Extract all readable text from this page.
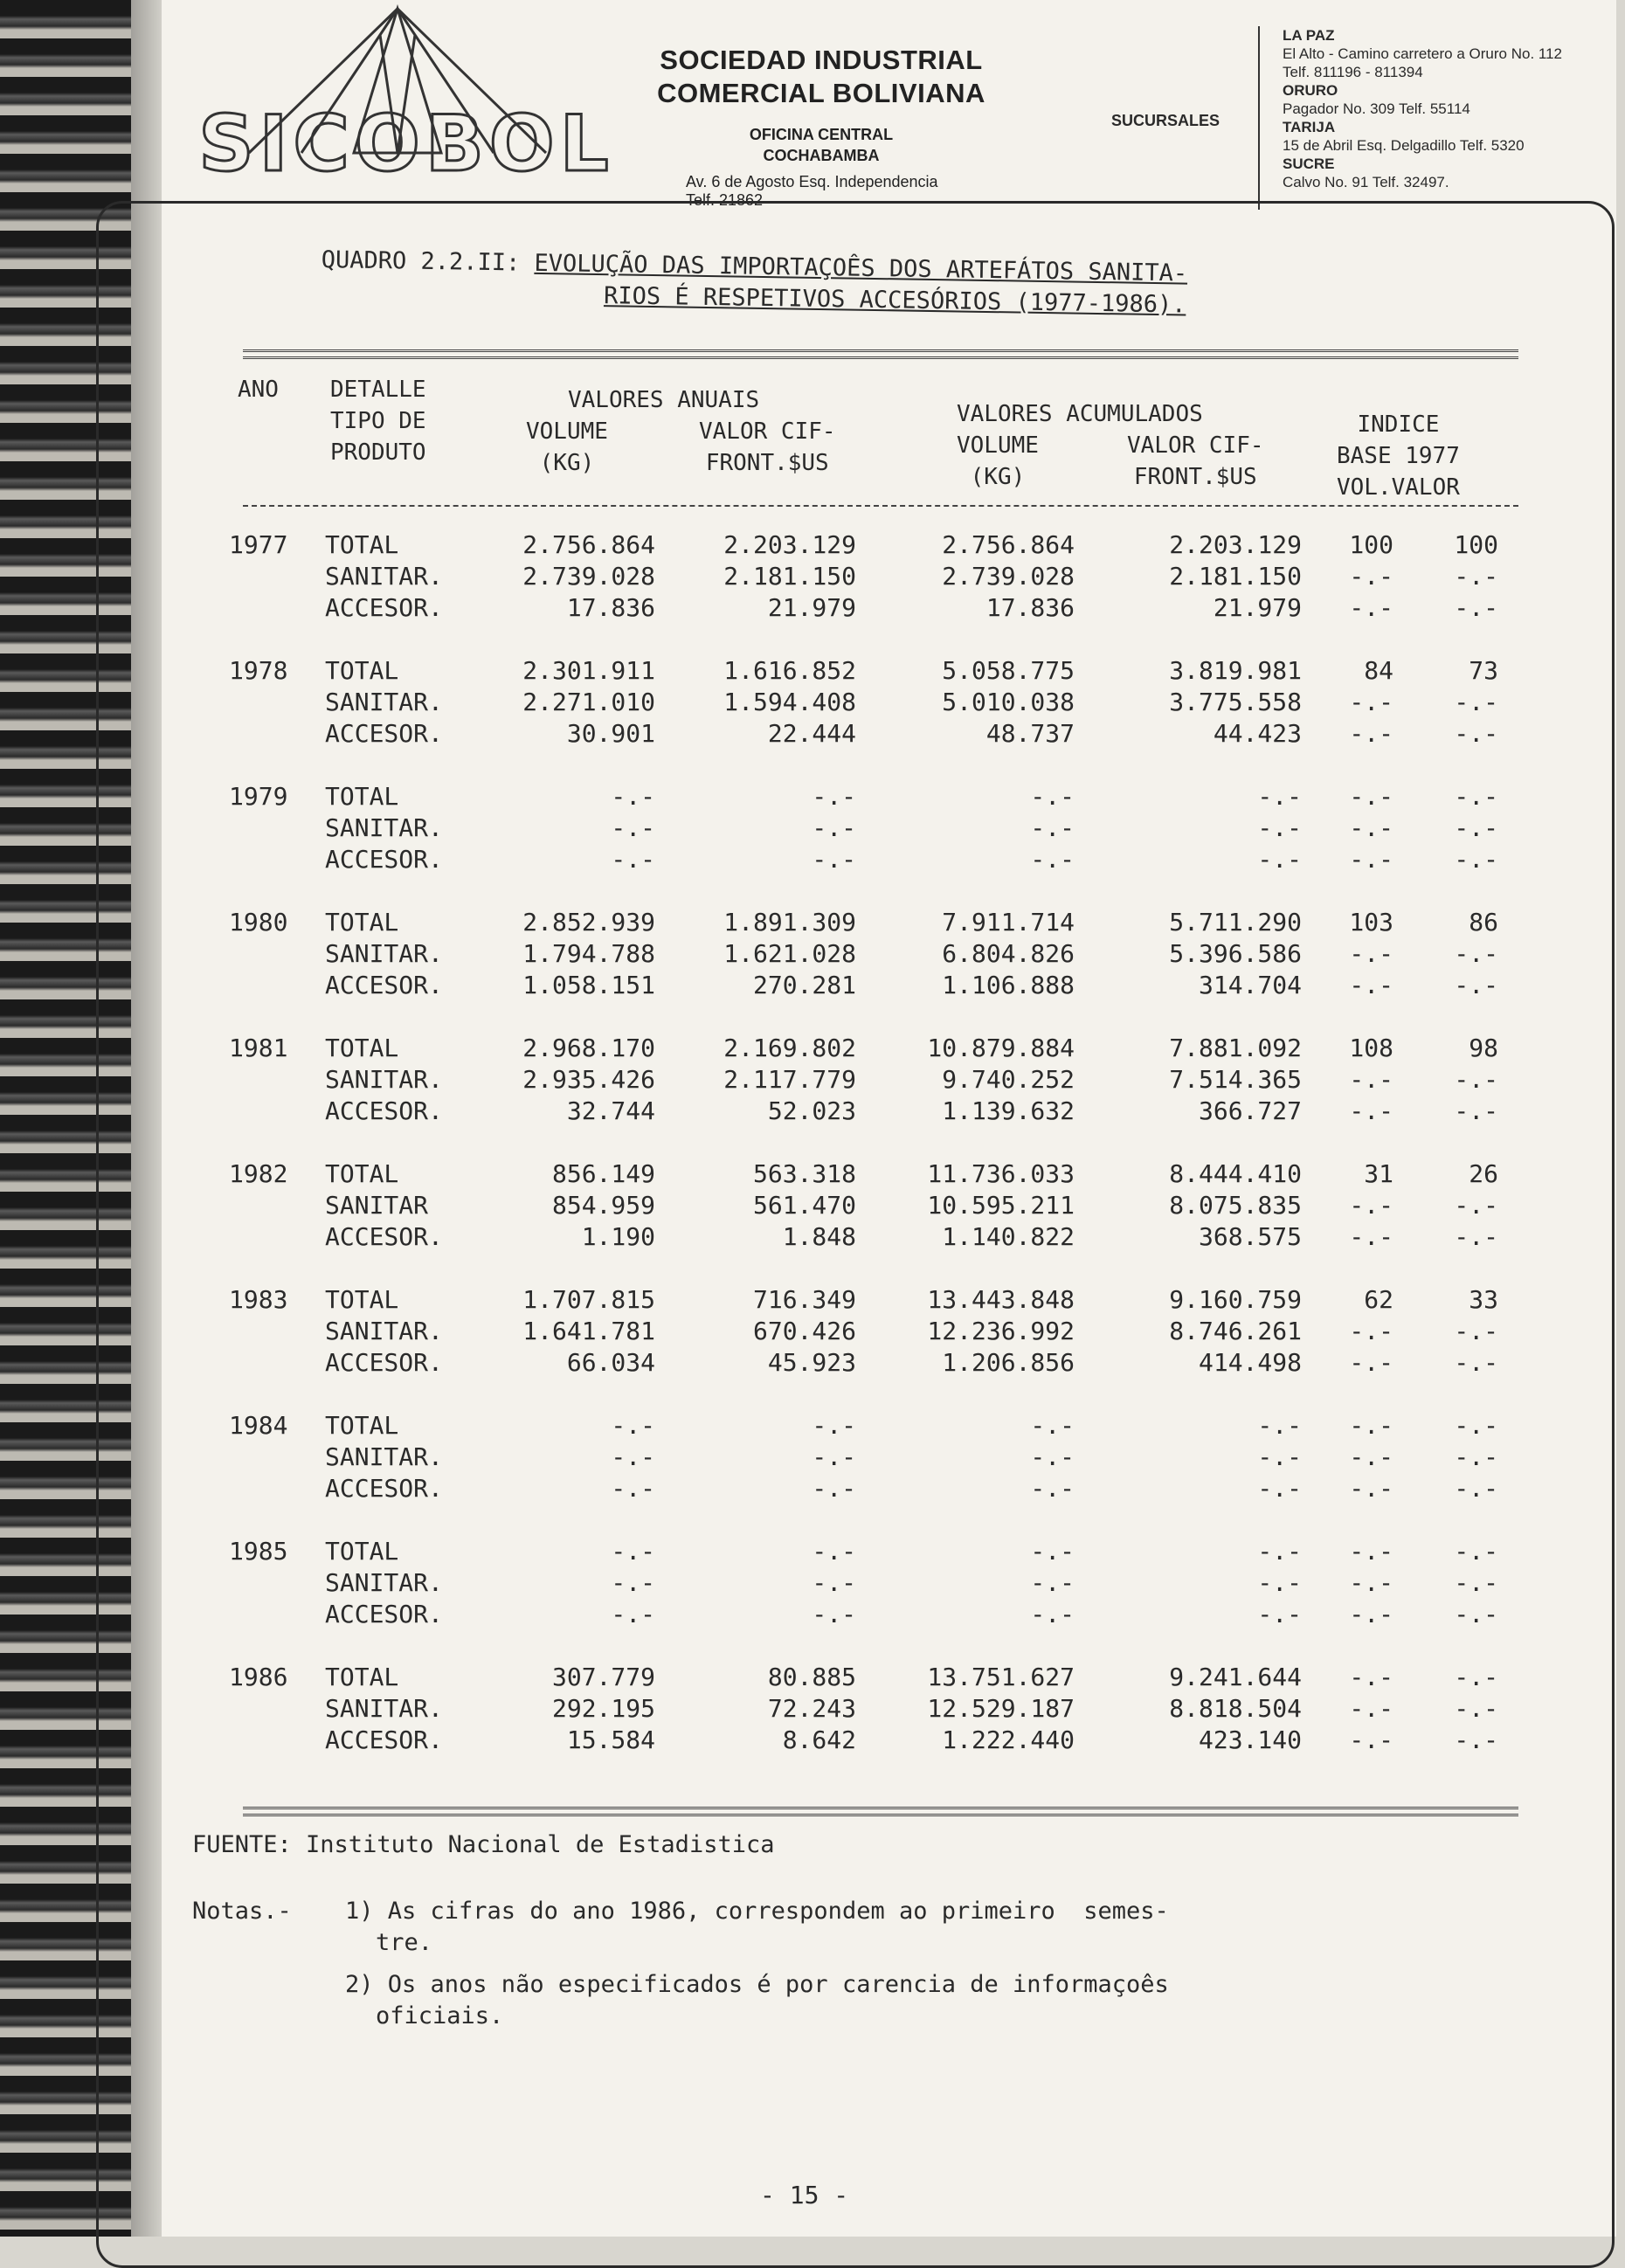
SICOBOL
SOCIEDAD INDUSTRIAL
COMERCIAL BOLIVIANA
OFICINA CENTRAL
COCHABAMBA
Av. 6 de Agosto Esq. Independencia
Telf. 21862
SUCURSALES
LA PAZ
El Alto - Camino carretero a Oruro No. 112
Telf. 811196 - 811394
ORURO
Pagador No. 309 Telf. 55114
TARIJA
15 de Abril Esq. Delgadillo Telf. 5320
SUCRE
Calvo No. 91 Telf. 32497.
QUADRO 2.2.II: EVOLUÇÃO DAS IMPORTAÇOÊS DOS ARTEFÁTOS SANITA-
RIOS É RESPETIVOS ACCESÓRIOS (1977-1986).
ANO DETALLE
TIPO DE
PRODUTO
VALORES ANUAIS
VOLUME
(KG)
VALOR CIF-
FRONT.$US
VALORES ACUMULADOS
VOLUME
(KG)
VALOR CIF-
FRONT.$US
INDICE
BASE 1977
VOL.VALOR
1977 TOTAL	2.756.864	2.203.129	2.756.864	2.203.129	100	100
SANITAR.	2.739.028	2.181.150	2.739.028	2.181.150	-.-	-.-
ACCESOR.	17.836	21.979	17.836	21.979	-.-	-.-
1978 TOTAL	2.301.911	1.616.852	5.058.775	3.819.981	84	73
SANITAR.	2.271.010	1.594.408	5.010.038	3.775.558	-.-	-.-
ACCESOR.	30.901	22.444	48.737	44.423	-.-	-.-
1979 TOTAL	-.-	-.-	-.-	-.-	-.-	-.-
SANITAR.	-.-	-.-	-.-	-.-	-.-	-.-
ACCESOR.	-.-	-.-	-.-	-.-	-.-	-.-
1980 TOTAL	2.852.939	1.891.309	7.911.714	5.711.290	103	86
SANITAR.	1.794.788	1.621.028	6.804.826	5.396.586	-.-	-.-
ACCESOR.	1.058.151	270.281	1.106.888	314.704	-.-	-.-
1981 TOTAL	2.968.170	2.169.802	10.879.884	7.881.092	108	98
SANITAR.	2.935.426	2.117.779	9.740.252	7.514.365	-.-	-.-
ACCESOR.	32.744	52.023	1.139.632	366.727	-.-	-.-
1982 TOTAL	856.149	563.318	11.736.033	8.444.410	31	26
SANITAR	854.959	561.470	10.595.211	8.075.835	-.-	-.-
ACCESOR.	1.190	1.848	1.140.822	368.575	-.-	-.-
1983 TOTAL	1.707.815	716.349	13.443.848	9.160.759	62	33
SANITAR.	1.641.781	670.426	12.236.992	8.746.261	-.-	-.-
ACCESOR.	66.034	45.923	1.206.856	414.498	-.-	-.-
1984 TOTAL	-.-	-.-	-.-	-.-	-.-	-.-
SANITAR.	-.-	-.-	-.-	-.-	-.-	-.-
ACCESOR.	-.-	-.-	-.-	-.-	-.-	-.-
1985 TOTAL	-.-	-.-	-.-	-.-	-.-	-.-
SANITAR.	-.-	-.-	-.-	-.-	-.-	-.-
ACCESOR.	-.-	-.-	-.-	-.-	-.-	-.-
1986 TOTAL	307.779	80.885	13.751.627	9.241.644	-.-	-.-
SANITAR.	292.195	72.243	12.529.187	8.818.504	-.-	-.-
ACCESOR.	15.584	8.642	1.222.440	423.140	-.-	-.-
FUENTE: Instituto Nacional de Estadistica
Notas.- 1) As cifras do ano 1986, correspondem ao primeiro  semes-
tre.
2) Os anos não especificados é por carencia de informaçoês
oficiais.
- 15 -
